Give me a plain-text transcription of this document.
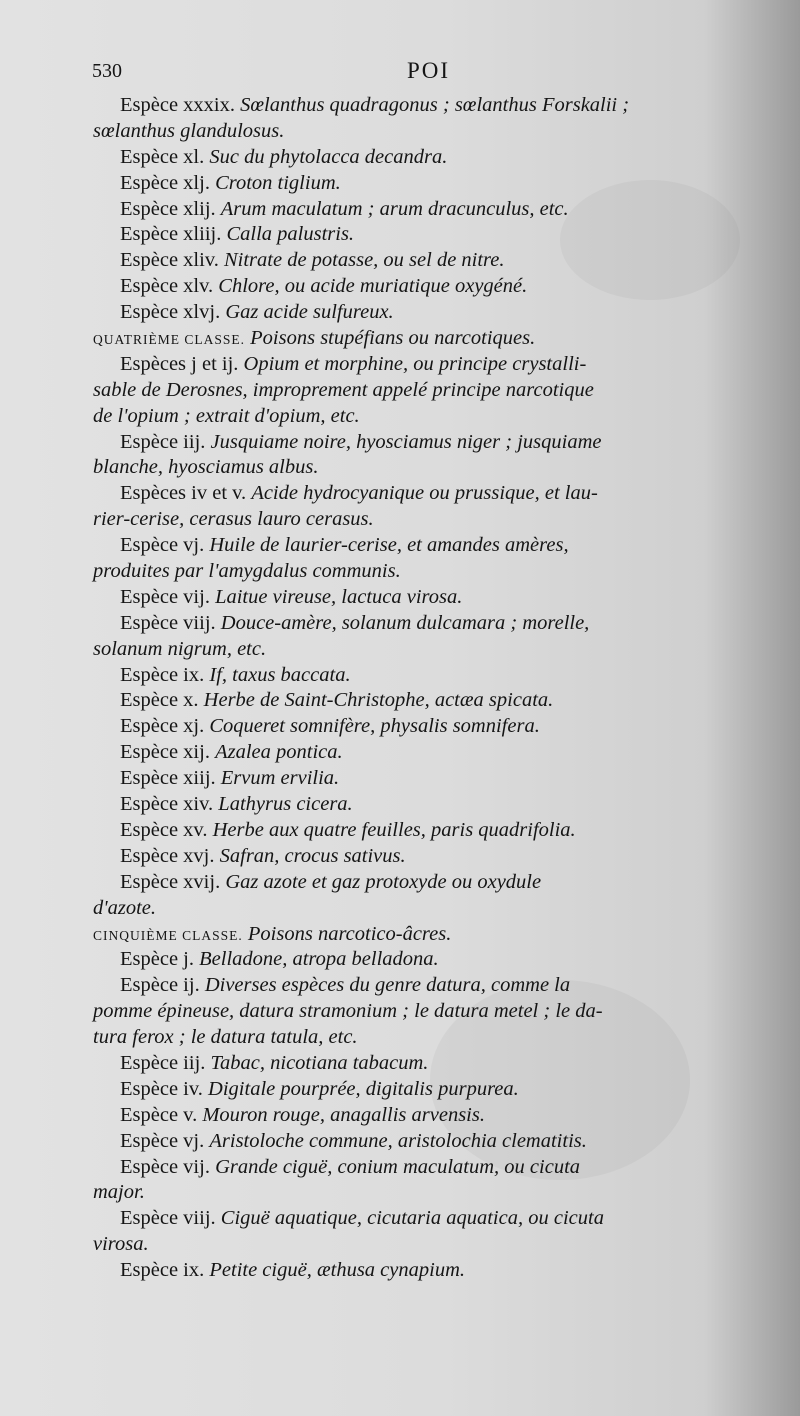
530	POI
Espèce xxxix. Sœlanthus quadragonus ; sœlanthus Forskalii ;
sœlanthus glandulosus.
Espèce xl. Suc du phytolacca decandra.
Espèce xlj. Croton tiglium.
Espèce xlij. Arum maculatum ; arum dracunculus, etc.
Espèce xliij. Calla palustris.
Espèce xliv. Nitrate de potasse, ou sel de nitre.
Espèce xlv. Chlore, ou acide muriatique oxygéné.
Espèce xlvj. Gaz acide sulfureux.
QUATRIÈME CLASSE. Poisons stupéfians ou narcotiques.
Espèces j et ij. Opium et morphine, ou principe crystalli-
sable de Derosnes, improprement appelé principe narcotique
de l'opium ; extrait d'opium, etc.
Espèce iij. Jusquiame noire, hyosciamus niger ; jusquiame
blanche, hyosciamus albus.
Espèces iv et v. Acide hydrocyanique ou prussique, et lau-
rier-cerise, cerasus lauro cerasus.
Espèce vj. Huile de laurier-cerise, et amandes amères,
produites par l'amygdalus communis.
Espèce vij. Laitue vireuse, lactuca virosa.
Espèce viij. Douce-amère, solanum dulcamara ; morelle,
solanum nigrum, etc.
Espèce ix. If, taxus baccata.
Espèce x. Herbe de Saint-Christophe, actæa spicata.
Espèce xj. Coqueret somnifère, physalis somnifera.
Espèce xij. Azalea pontica.
Espèce xiij. Ervum ervilia.
Espèce xiv. Lathyrus cicera.
Espèce xv. Herbe aux quatre feuilles, paris quadrifolia.
Espèce xvj. Safran, crocus sativus.
Espèce xvij. Gaz azote et gaz protoxyde ou oxydule
d'azote.
CINQUIÈME CLASSE. Poisons narcotico-âcres.
Espèce j. Belladone, atropa belladona.
Espèce ij. Diverses espèces du genre datura, comme la
pomme épineuse, datura stramonium ; le datura metel ; le da-
tura ferox ; le datura tatula, etc.
Espèce iij. Tabac, nicotiana tabacum.
Espèce iv. Digitale pourprée, digitalis purpurea.
Espèce v. Mouron rouge, anagallis arvensis.
Espèce vj. Aristoloche commune, aristolochia clematitis.
Espèce vij. Grande ciguë, conium maculatum, ou cicuta
major.
Espèce viij. Ciguë aquatique, cicutaria aquatica, ou cicuta
virosa.
Espèce ix. Petite ciguë, æthusa cynapium.
